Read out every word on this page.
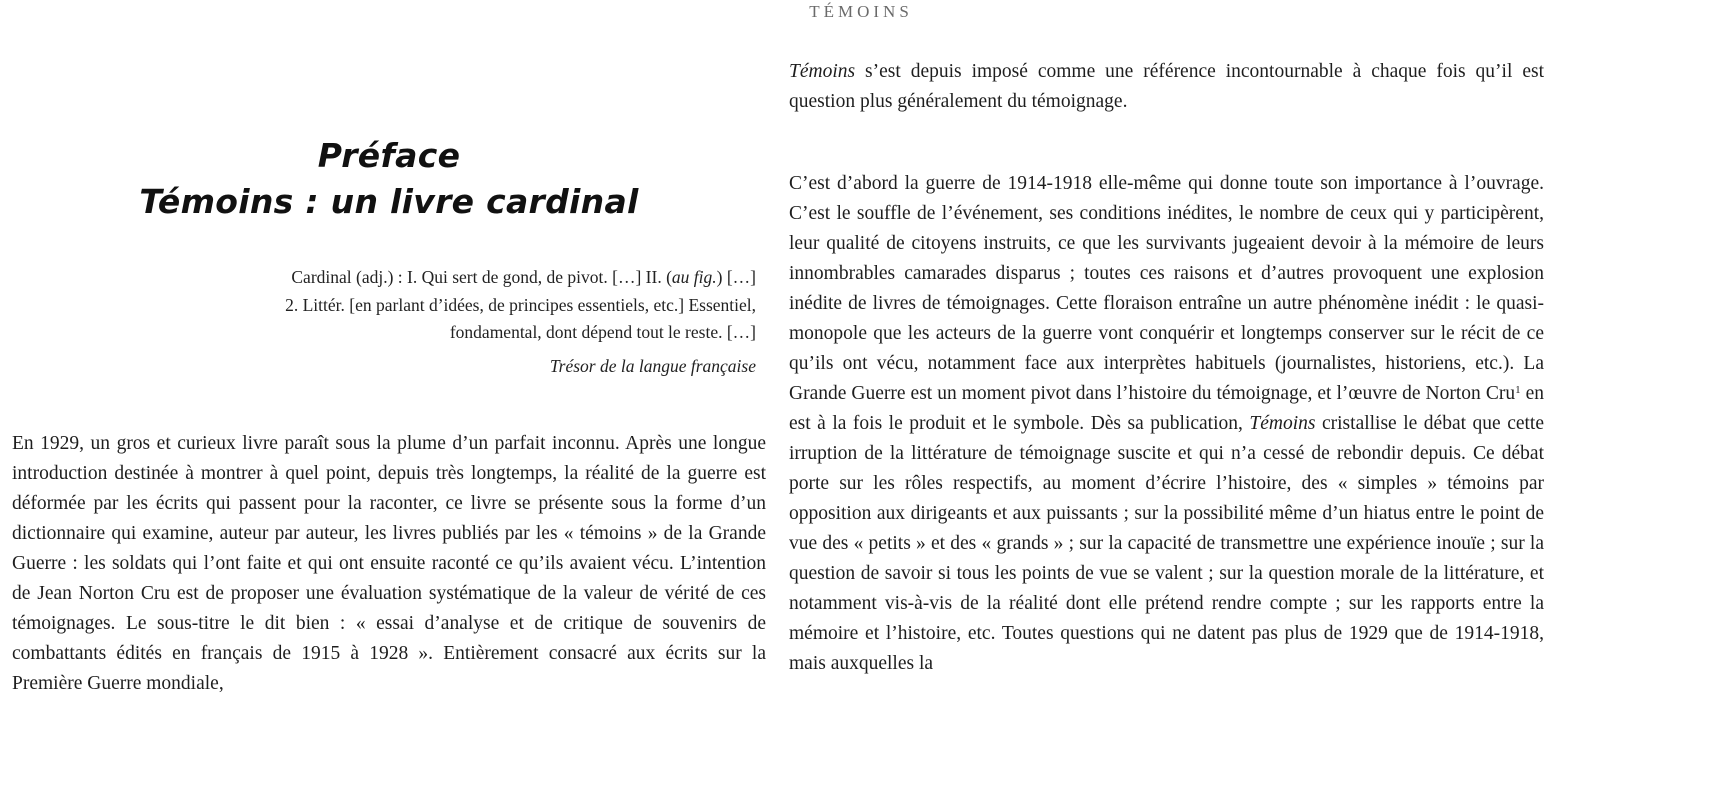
TÉMOINS
Préface
Témoins : un livre cardinal
Cardinal (adj.) : I. Qui sert de gond, de pivot. […] II. (au fig.) […]
2. Littér. [en parlant d’idées, de principes essentiels, etc.] Essentiel,
fondamental, dont dépend tout le reste. […]
Trésor de la langue française

En 1929, un gros et curieux livre paraît sous la plume d’un parfait inconnu. Après une longue introduction destinée à montrer à quel point, depuis très longtemps, la réalité de la guerre est déformée par les écrits qui passent pour la raconter, ce livre se présente sous la forme d’un dictionnaire qui examine, auteur par auteur, les livres publiés par les « témoins » de la Grande Guerre : les soldats qui l’ont faite et qui ont ensuite raconté ce qu’ils avaient vécu. L’intention de Jean Norton Cru est de proposer une évaluation systématique de la valeur de vérité de ces témoignages. Le sous-titre le dit bien : « essai d’analyse et de critique de souvenirs de combattants édités en français de 1915 à 1928 ». Entièrement consacré aux écrits sur la Première Guerre mondiale,

Témoins s’est depuis imposé comme une référence incontournable à chaque fois qu’il est question plus généralement du témoignage.

C’est d’abord la guerre de 1914-1918 elle-même qui donne toute son importance à l’ouvrage. C’est le souffle de l’événement, ses conditions inédites, le nombre de ceux qui y participèrent, leur qualité de citoyens instruits, ce que les survivants jugeaient devoir à la mémoire de leurs innombrables camarades disparus ; toutes ces raisons et d’autres provoquent une explosion inédite de livres de témoignages. Cette floraison entraîne un autre phénomène inédit : le quasi-monopole que les acteurs de la guerre vont conquérir et longtemps conserver sur le récit de ce qu’ils ont vécu, notamment face aux interprètes habituels (journalistes, historiens, etc.). La Grande Guerre est un moment pivot dans l’histoire du témoignage, et l’œuvre de Norton Cru$^1$ en est à la fois le produit et le symbole. Dès sa publication, Témoins cristallise le débat que cette irruption de la littérature de témoignage suscite et qui n’a cessé de rebondir depuis. Ce débat porte sur les rôles respectifs, au moment d’écrire l’histoire, des « simples » témoins par opposition aux dirigeants et aux puissants ; sur la possibilité même d’un hiatus entre le point de vue des « petits » et des « grands » ; sur la capacité de transmettre une expérience inouïe ; sur la question de savoir si tous les points de vue se valent ; sur la question morale de la littérature, et notamment vis-à-vis de la réalité dont elle prétend rendre compte ; sur les rapports entre la mémoire et l’histoire, etc. Toutes questions qui ne datent pas plus de 1929 que de 1914-1918, mais auxquelles la
